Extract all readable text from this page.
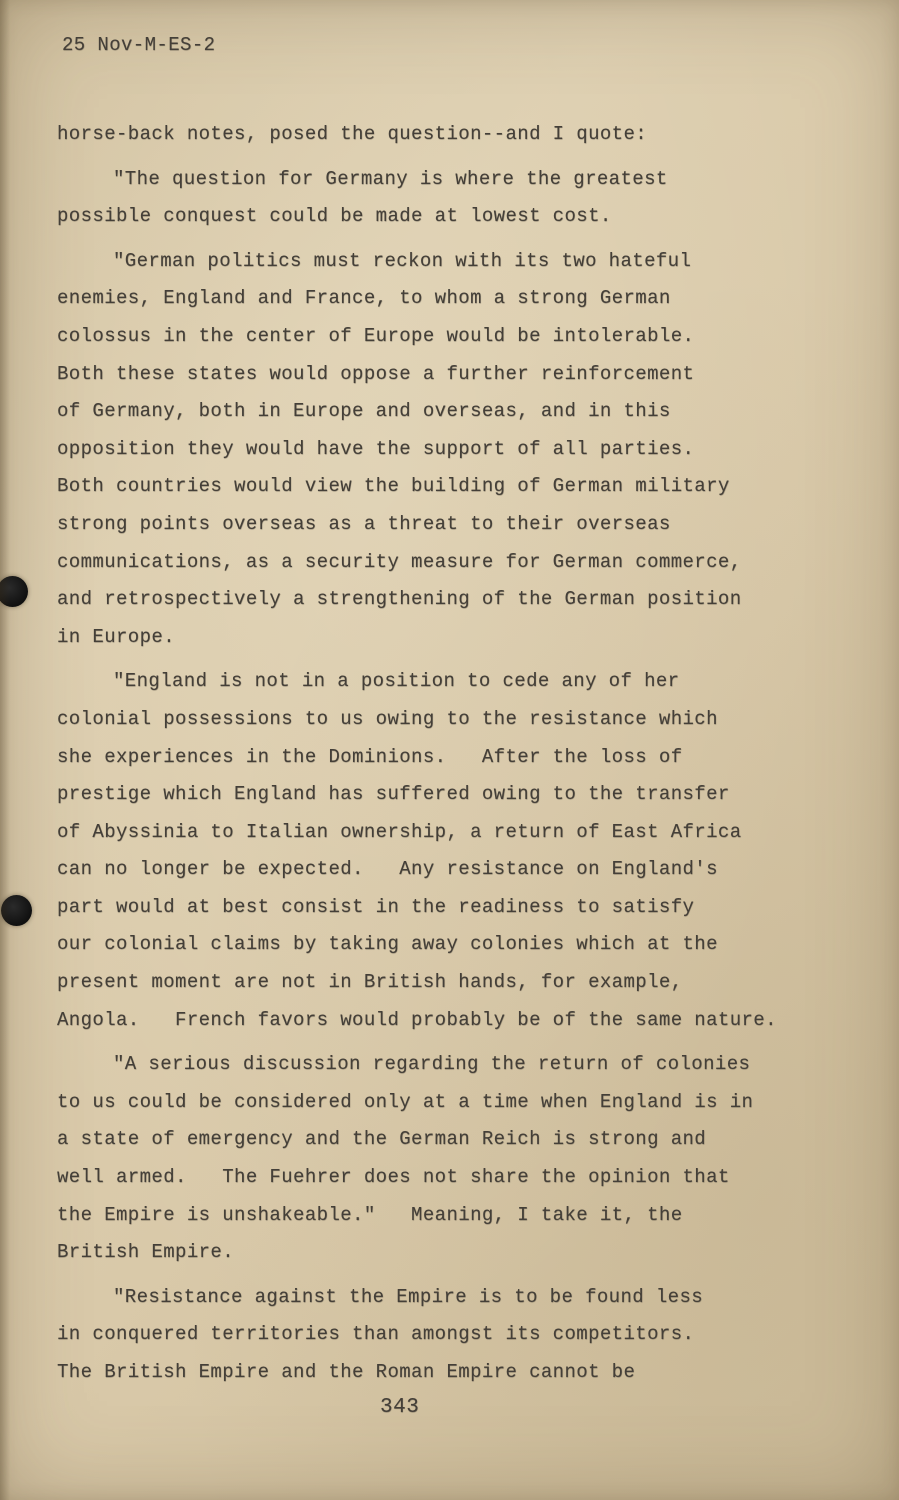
25 Nov-M-ES-2
horse-back notes, posed the question--and I quote:
"The question for Germany is where the greatest
possible conquest could be made at lowest cost.
"German politics must reckon with its two hateful
enemies, England and France, to whom a strong German
colossus in the center of Europe would be intolerable.
Both these states would oppose a further reinforcement
of Germany, both in Europe and overseas, and in this
opposition they would have the support of all parties.
Both countries would view the building of German military
strong points overseas as a threat to their overseas
communications, as a security measure for German commerce,
and retrospectively a strengthening of the German position
in Europe.
"England is not in a position to cede any of her
colonial possessions to us owing to the resistance which
she experiences in the Dominions.   After the loss of
prestige which England has suffered owing to the transfer
of Abyssinia to Italian ownership, a return of East Africa
can no longer be expected.   Any resistance on England's
part would at best consist in the readiness to satisfy
our colonial claims by taking away colonies which at the
present moment are not in British hands, for example,
Angola.   French favors would probably be of the same nature.
"A serious discussion regarding the return of colonies
to us could be considered only at a time when England is in
a state of emergency and the German Reich is strong and
well armed.   The Fuehrer does not share the opinion that
the Empire is unshakeable."   Meaning, I take it, the
British Empire.
"Resistance against the Empire is to be found less
in conquered territories than amongst its competitors.
The British Empire and the Roman Empire cannot be
343
